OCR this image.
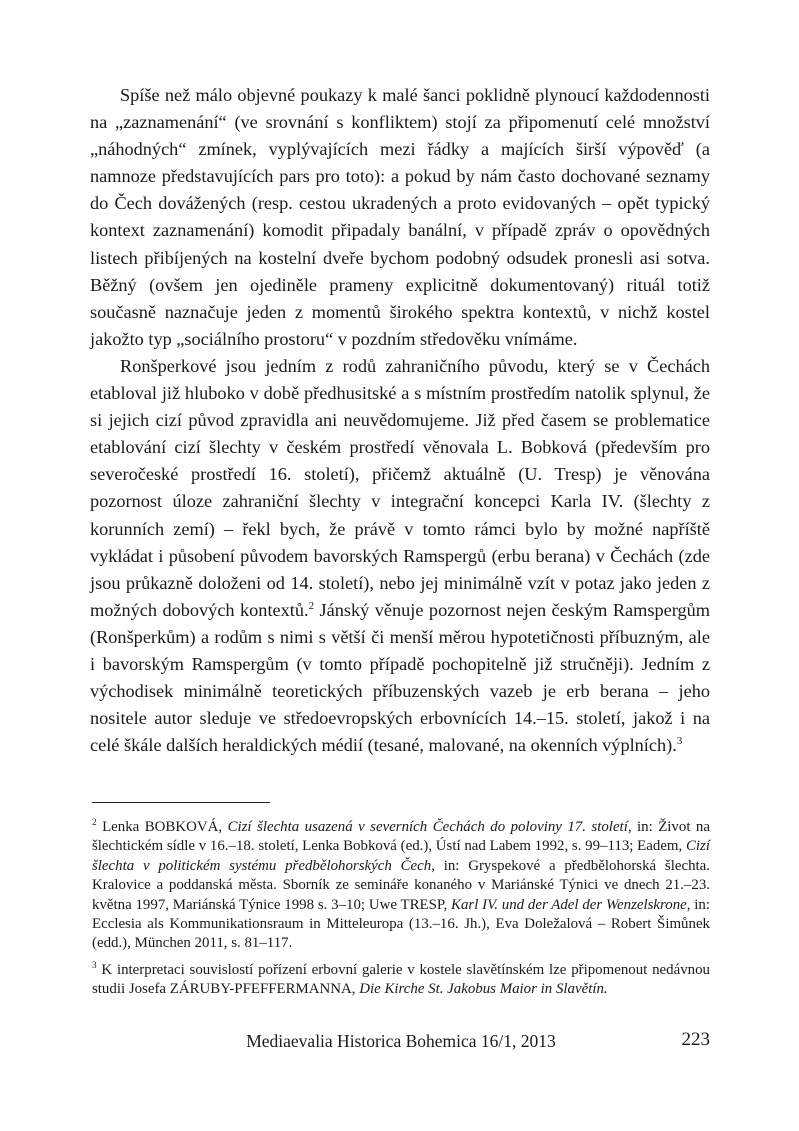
Spíše než málo objevné poukazy k malé šanci poklidně plynoucí každodennosti na „zaznamenání“ (ve srovnání s konfliktem) stojí za připomenutí celé množství „náhodných“ zmínek, vyplývajících mezi řádky a majících širší výpověď (a namnoze představujících pars pro toto): a pokud by nám často dochované seznamy do Čech dovážených (resp. cestou ukradených a proto evidovaných – opět typický kontext zaznamenání) komodit připadaly banální, v případě zpráv o opovědných listech přibíjených na kostelní dveře bychom podobný odsudek pronesli asi sotva. Běžný (ovšem jen ojediněle prameny explicitně dokumentovaný) rituál totiž současně naznačuje jeden z momentů širokého spektra kontextů, v nichž kostel jakožto typ „sociálního prostoru“ v pozdním středověku vnímáme.

Ronšperkové jsou jedním z rodů zahraničního původu, který se v Čechách etabloval již hluboko v době předhusitské a s místním prostředím natolik splynul, že si jejich cizí původ zpravidla ani neuvědomujeme. Již před časem se problematice etablování cizí šlechty v českém prostředí věnovala L. Bobková (především pro severočeské prostředí 16. století), přičemž aktuálně (U. Tresp) je věnována pozornost úloze zahraniční šlechty v integrační koncepci Karla IV. (šlechty z korunních zemí) – řekl bych, že právě v tomto rámci bylo by možné napříště vykládat i působení původem bavorských Ramspergů (erbu berana) v Čechách (zde jsou průkazně doloženi od 14. století), nebo jej minimálně vzít v potaz jako jeden z možných dobových kontextů.$^2$ Jánský věnuje pozornost nejen českým Ramspergům (Ronšperkům) a rodům s nimi s větší či menší měrou hypotetičnosti příbuzným, ale i bavorským Ramspergům (v tomto případě pochopitelně již stručněji). Jedním z východisek minimálně teoretických příbuzenských vazeb je erb berana – jeho nositele autor sleduje ve středoevropských erbovnících 14.–15. století, jakož i na celé škále dalších heraldických médií (tesané, malované, na okenních výplních).$^3$

$^2$ Lenka BOBKOVÁ, Cizí šlechta usazená v severních Čechách do poloviny 17. století, in: Život na šlechtickém sídle v 16.–18. století, Lenka Bobková (ed.), Ústí nad Labem 1992, s. 99–113; Eadem, Cizí šlechta v politickém systému předbělohorských Čech, in: Gryspekové a předbělohorská šlechta. Kralovice a poddanská města. Sborník ze semináře konaného v Mariánské Týnici ve dnech 21.–23. května 1997, Mariánská Týnice 1998 s. 3–10; Uwe TRESP, Karl IV. und der Adel der Wenzelskrone, in: Ecclesia als Kommunikationsraum in Mitteleuropa (13.–16. Jh.), Eva Doležalová – Robert Šimůnek (edd.), München 2011, s. 81–117.

$^3$ K interpretaci souvislostí pořízení erbovní galerie v kostele slavětínském lze připomenout nedávnou studii Josefa ZÁRUBY-PFEFFERMANNA, Die Kirche St. Jakobus Maior in Slavětín.

Mediaevalia Historica Bohemica 16/1, 2013	223
